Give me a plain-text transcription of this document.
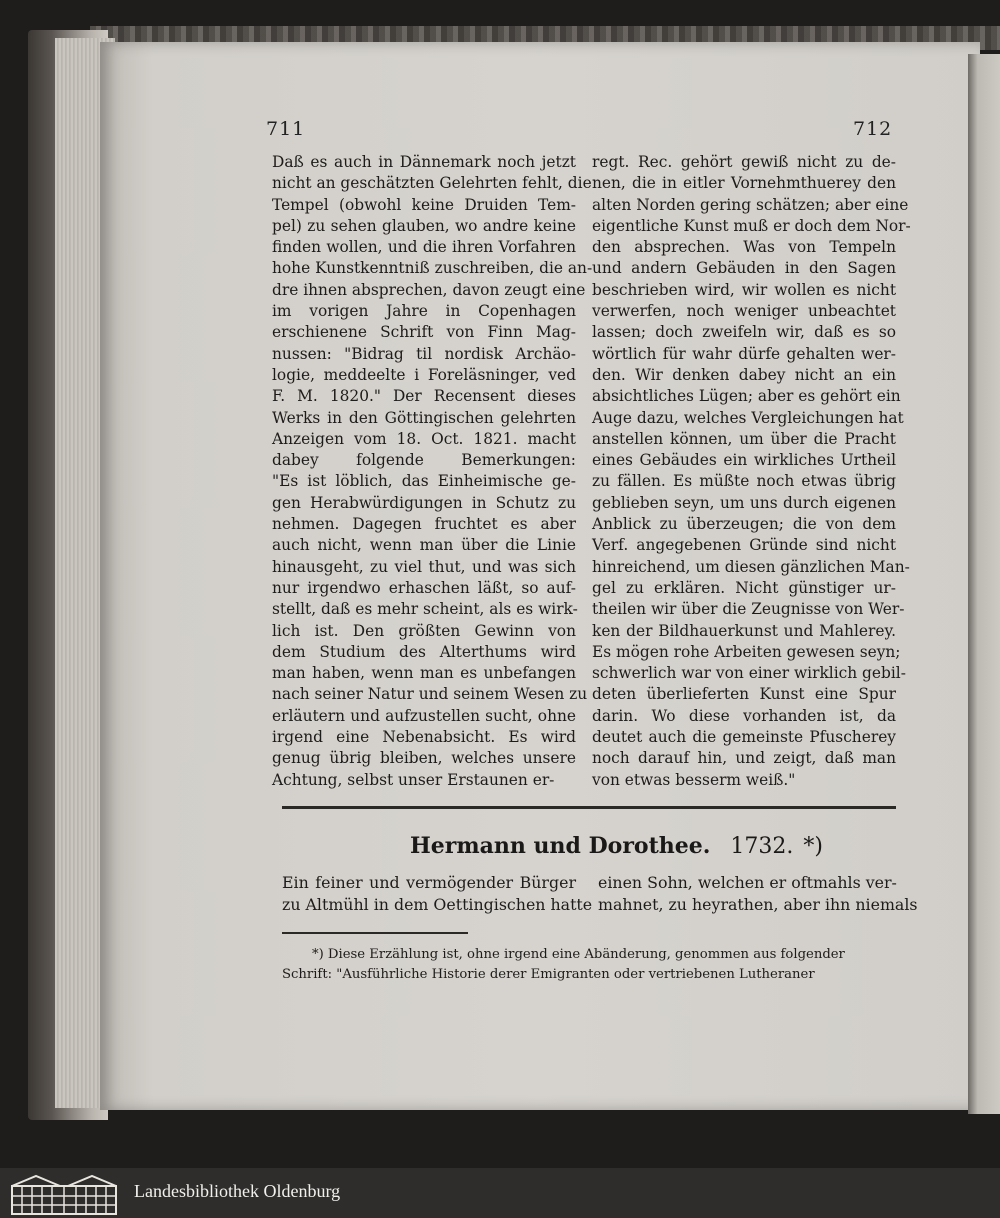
711	712
Daß es auch in Dännemark noch jetzt
nicht an geschätzten Gelehrten fehlt, die
Tempel (obwohl keine Druiden Tem-
pel) zu sehen glauben, wo andre keine
finden wollen, und die ihren Vorfahren
hohe Kunstkenntniß zuschreiben, die an-
dre ihnen absprechen, davon zeugt eine
im vorigen Jahre in Copenhagen
erschienene Schrift von Finn Mag-
nussen: "Bidrag til nordisk Archäo-
logie, meddeelte i Foreläsninger, ved
F. M. 1820." Der Recensent dieses
Werks in den Göttingischen gelehrten
Anzeigen vom 18. Oct. 1821. macht
dabey folgende Bemerkungen:
"Es ist löblich, das Einheimische ge-
gen Herabwürdigungen in Schutz zu
nehmen. Dagegen fruchtet es aber
auch nicht, wenn man über die Linie
hinausgeht, zu viel thut, und was sich
nur irgendwo erhaschen läßt, so auf-
stellt, daß es mehr scheint, als es wirk-
lich ist. Den größten Gewinn von
dem Studium des Alterthums wird
man haben, wenn man es unbefangen
nach seiner Natur und seinem Wesen zu
erläutern und aufzustellen sucht, ohne
irgend eine Nebenabsicht. Es wird
genug übrig bleiben, welches unsere
Achtung, selbst unser Erstaunen er-
regt. Rec. gehört gewiß nicht zu de-
nen, die in eitler Vornehmthuerey den
alten Norden gering schätzen; aber eine
eigentliche Kunst muß er doch dem Nor-
den absprechen. Was von Tempeln
und andern Gebäuden in den Sagen
beschrieben wird, wir wollen es nicht
verwerfen, noch weniger unbeachtet
lassen; doch zweifeln wir, daß es so
wörtlich für wahr dürfe gehalten wer-
den. Wir denken dabey nicht an ein
absichtliches Lügen; aber es gehört ein
Auge dazu, welches Vergleichungen hat
anstellen können, um über die Pracht
eines Gebäudes ein wirkliches Urtheil
zu fällen. Es müßte noch etwas übrig
geblieben seyn, um uns durch eigenen
Anblick zu überzeugen; die von dem
Verf. angegebenen Gründe sind nicht
hinreichend, um diesen gänzlichen Man-
gel zu erklären. Nicht günstiger ur-
theilen wir über die Zeugnisse von Wer-
ken der Bildhauerkunst und Mahlerey.
Es mögen rohe Arbeiten gewesen seyn;
schwerlich war von einer wirklich gebil-
deten überlieferten Kunst eine Spur
darin. Wo diese vorhanden ist, da
deutet auch die gemeinste Pfuscherey
noch darauf hin, und zeigt, daß man
von etwas besserm weiß."
Hermann und Dorothee. 1732. *)
Ein feiner und vermögender Bürger
zu Altmühl in dem Oettingischen hatte
einen Sohn, welchen er oftmahls ver-
mahnet, zu heyrathen, aber ihn niemals
*) Diese Erzählung ist, ohne irgend eine Abänderung, genommen aus folgender
Schrift: "Ausführliche Historie derer Emigranten oder vertriebenen Lutheraner
Landesbibliothek Oldenburg
